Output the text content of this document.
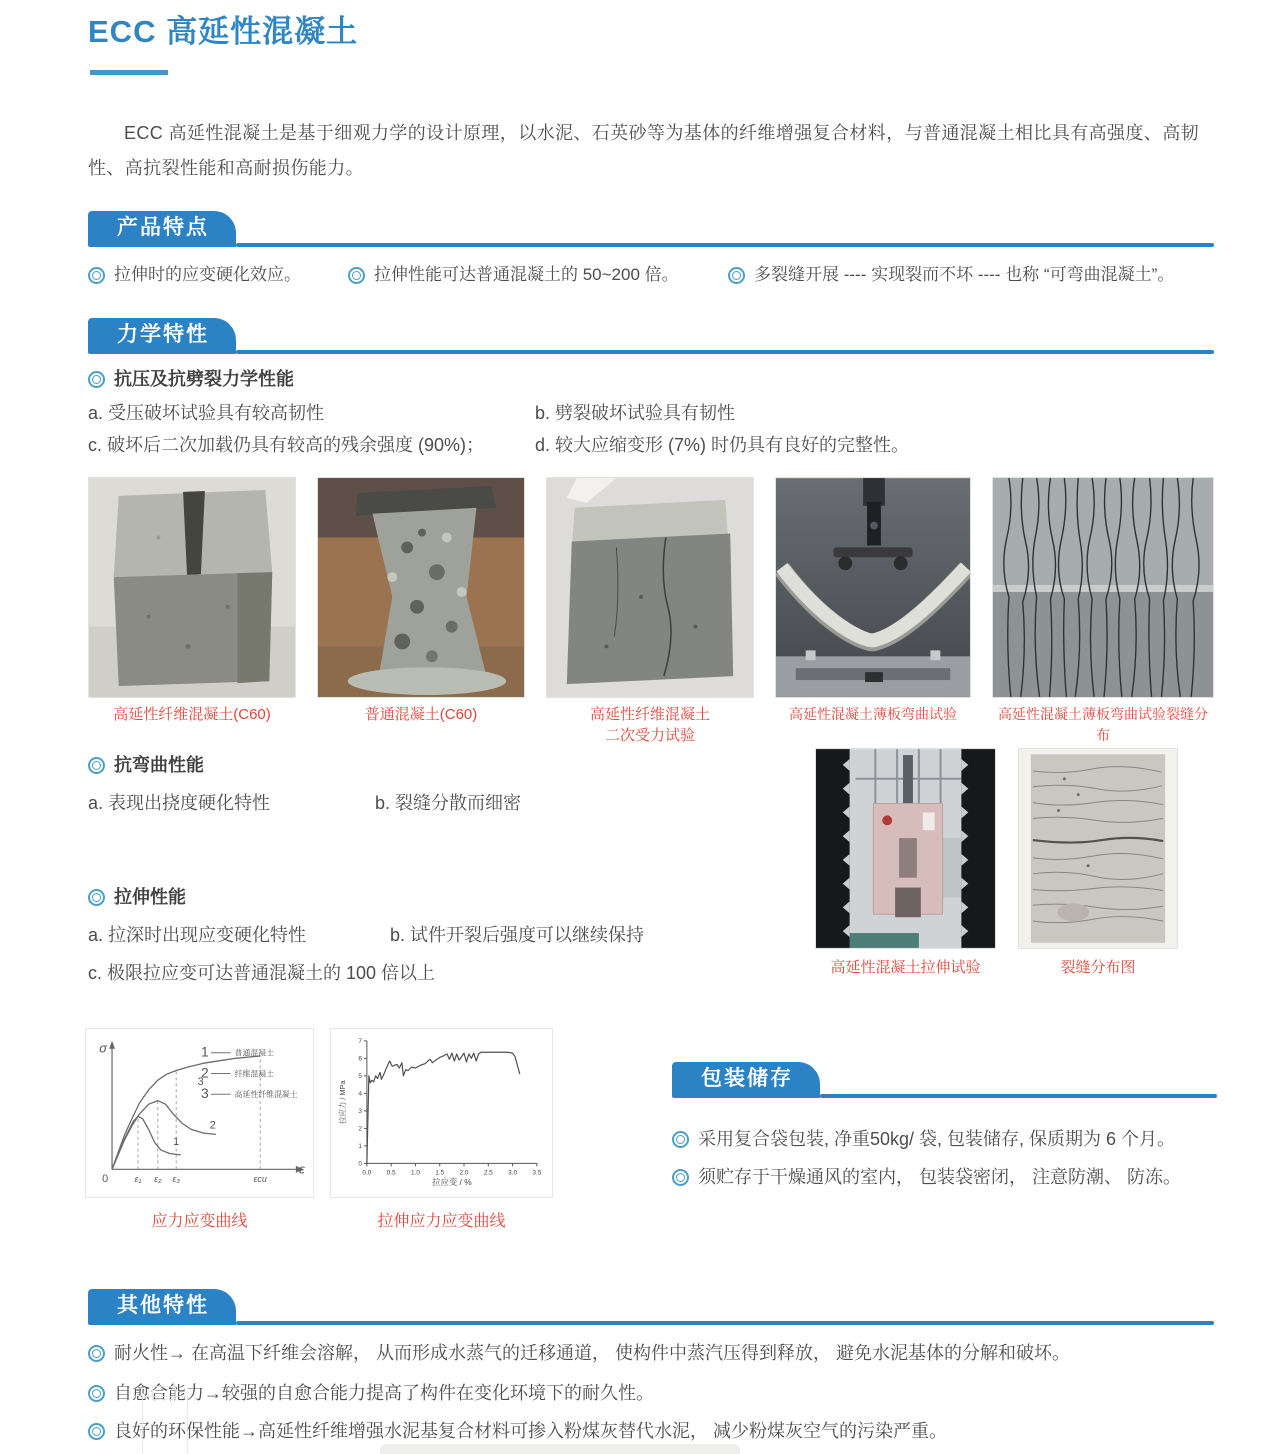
ECC 高延性混凝土
ECC 高延性混凝土是基于细观力学的设计原理，以水泥、石英砂等为基体的纤维增强复合材料，与普通混凝土相比具有高强度、高韧性、高抗裂性能和高耐损伤能力。
产品特点
拉伸时的应变硬化效应。	拉伸性能可达普通混凝土的 50~200 倍。	多裂缝开展 ---- 实现裂而不坏 ---- 也称 “可弯曲混凝土”。
力学特性
抗压及抗劈裂力学性能
a. 受压破坏试验具有较高韧性	b. 劈裂破坏试验具有韧性
c. 破坏后二次加载仍具有较高的残余强度 (90%)；	d. 较大应缩变形 (7%) 时仍具有良好的完整性。
高延性纤维混凝土(C60)	普通混凝土(C60)	高延性纤维混凝土
二次受力试验
高延性混凝土薄板弯曲试验	高延性混凝土薄板弯曲试验裂缝分布
抗弯曲性能
a. 表现出挠度硬化特性	b. 裂缝分散而细密
拉伸性能
a. 拉深时出现应变硬化特性	b. 试件开裂后强度可以继续保持
c. 极限拉应变可达普通混凝土的 100 倍以上	高延性混凝土拉伸试验	裂缝分布图
σ
ε
0	ε₁ ε₂ ε₃	εcu
1
2
3
1	普通混凝土
2	纤维混凝土
3	高延性纤维混凝土
0.0 0.5 1.0 1.5 2.0 2.5 3.0 3.5
0
1
2
3
4
5
6
7
拉应力 / MPa
拉应变 / %
应力应变曲线	拉伸应力应变曲线
包装储存
采用复合袋包装, 净重50kg/ 袋, 包装储存, 保质期为 6 个月。
须贮存于干燥通风的室内， 包装袋密闭， 注意防潮、 防冻。
其他特性
耐火性→ 在高温下纤维会溶解， 从而形成水蒸气的迁移通道， 使构件中蒸汽压得到释放， 避免水泥基体的分解和破坏。
自愈合能力→较强的自愈合能力提高了构件在变化环境下的耐久性。
良好的环保性能→高延性纤维增强水泥基复合材料可掺入粉煤灰替代水泥， 减少粉煤灰空气的污染严重。
